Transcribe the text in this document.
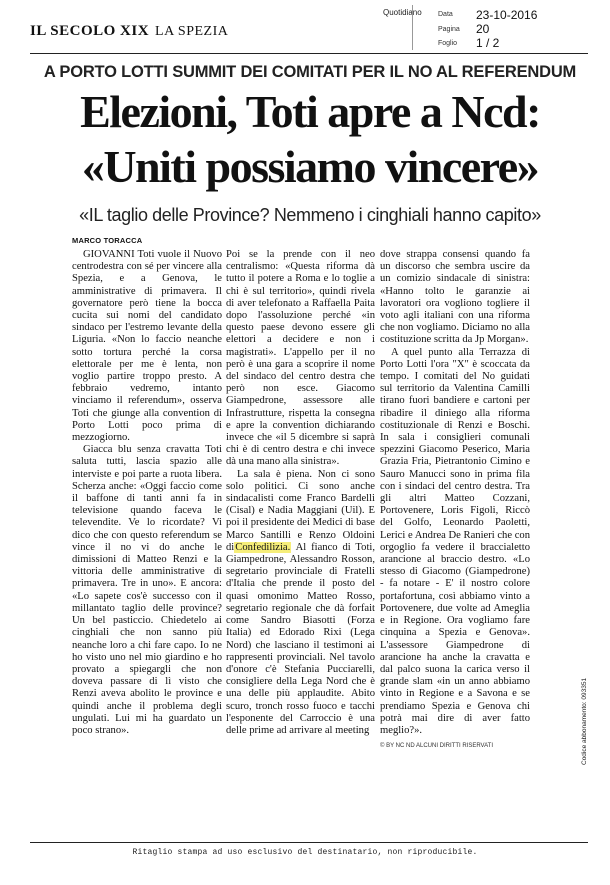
IL SECOLO XIX LA SPEZIA
Quotidiano Data 23-10-2016
Pagina 20
Foglio 1 / 2
A PORTO LOTTI SUMMIT DEI COMITATI PER IL NO AL REFERENDUM
Elezioni, Toti apre a Ncd:
«Uniti possiamo vincere»
«IL taglio delle Province? Nemmeno i cinghiali hanno capito»
MARCO TORACCA

GIOVANNI Toti vuole il Nuovo centrodestra con sé per vincere alla Spezia, e a Genova, le amministrative di primavera. Il governatore però tiene la bocca cucita sui nomi del candidato sindaco per l'estremo levante della Liguria. «Non lo faccio neanche sotto tortura perché la corsa elettorale per me è lenta, non voglio partire troppo presto. A febbraio vedremo, intanto vinciamo il referendum», osserva Toti che giunge alla convention di Porto Lotti poco prima di mezzogiorno.

Giacca blu senza cravatta Toti saluta tutti, lascia spazio alle interviste e poi parte a ruota libera. Scherza anche: «Oggi faccio come il baffone di tanti anni fa in televisione quando faceva le televendite. Ve lo ricordate? Vi dico che con questo referendum se vince il no vi do anche le dimissioni di Matteo Renzi e la vittoria delle amministrative di primavera. Tre in uno». E ancora: «Lo sapete cos'è successo con il millantato taglio delle province? Un bel pasticcio. Chiedetelo ai cinghiali che non sanno più neanche loro a chi fare capo. Io ne ho visto uno nel mio giardino e ho provato a spiegargli che non doveva passare di lì visto che Renzi aveva abolito le province e quindi anche il problema degli ungulati. Lui mi ha guardato un poco strano».

Poi se la prende con il neo centralismo: «Questa riforma dà tutto il potere a Roma e lo toglie a chi è sul territorio», quindi rivela di aver telefonato a Raffaella Paita dopo l'assoluzione perché «in questo paese devono essere gli elettori a decidere e non i magistrati». L'appello per il no però è una gara a scoprire il nome del sindaco del centro destra che però non esce. Giacomo Giampedrone, assessore alle Infrastrutture, rispetta la consegna e apre la convention dichiarando invece che «il 5 dicembre si saprà chi è di centro destra e chi invece dà una mano alla sinistra».

La sala è piena. Non ci sono solo politici. Ci sono anche sindacalisti come Franco Bardelli (Cisal) e Nadia Maggiani (Uil). E poi il presidente dei Medici di base Marco Santilli e Renzo Oldoini diConfedilizia. Al fianco di Toti, Giampedrone, Alessandro Rosson, segretario provinciale di Fratelli d'Italia che prende il posto del quasi omonimo Matteo Rosso, segretario regionale che dà forfait come Sandro Biasotti (Forza Italia) ed Edorado Rixi (Lega Nord) che lasciano il testimoni ai rappresenti provinciali. Nel tavolo d'onore c'è Stefania Pucciarelli, consigliere della Lega Nord che è una delle più applaudite. Abito scuro, tronch rosso fuoco e tacchi l'esponente del Carroccio è una delle prime ad arrivare al meeting

dove strappa consensi quando fa un discorso che sembra uscire da un comizio sindacale di sinistra: «Hanno tolto le garanzie ai lavoratori ora vogliono togliere il voto agli italiani con una riforma che non vogliamo. Diciamo no alla costituzione scritta da Jp Morgan».

A quel punto alla Terrazza di Porto Lotti l'ora "X" è scoccata da tempo. I comitati del No guidati sul territorio da Valentina Camilli tirano fuori bandiere e cartoni per ribadire il diniego alla riforma costituzionale di Renzi e Boschi. In sala i consiglieri comunali spezzini Giacomo Peserico, Maria Grazia Fria, Pietrantonio Cimino e Sauro Manucci sono in prima fila con i sindaci del centro destra. Tra gli altri Matteo Cozzani, Portovenere, Loris Figoli, Riccò del Golfo, Leonardo Paoletti, Lerici e Andrea De Ranieri che con orgoglio fa vedere il braccialetto arancione al braccio destro. «Lo stesso di Giacomo (Giampedrone) - fa notare - E' il nostro colore portafortuna, così abbiamo vinto a Portovenere, due volte ad Ameglia e in Regione. Ora vogliamo fare cinquina a Spezia e Genova». L'assessore Giampedrone di arancione ha anche la cravatta e dal palco suona la carica verso il grande slam «in un anno abbiamo vinto in Regione e a Savona e se prendiamo Spezia e Genova chi potrà mai dire di aver fatto meglio?».

© BY NC ND ALCUNI DIRITTI RISERVATI	Codice abbonamento: 093351
Ritaglio stampa ad uso esclusivo del destinatario, non riproducibile.
